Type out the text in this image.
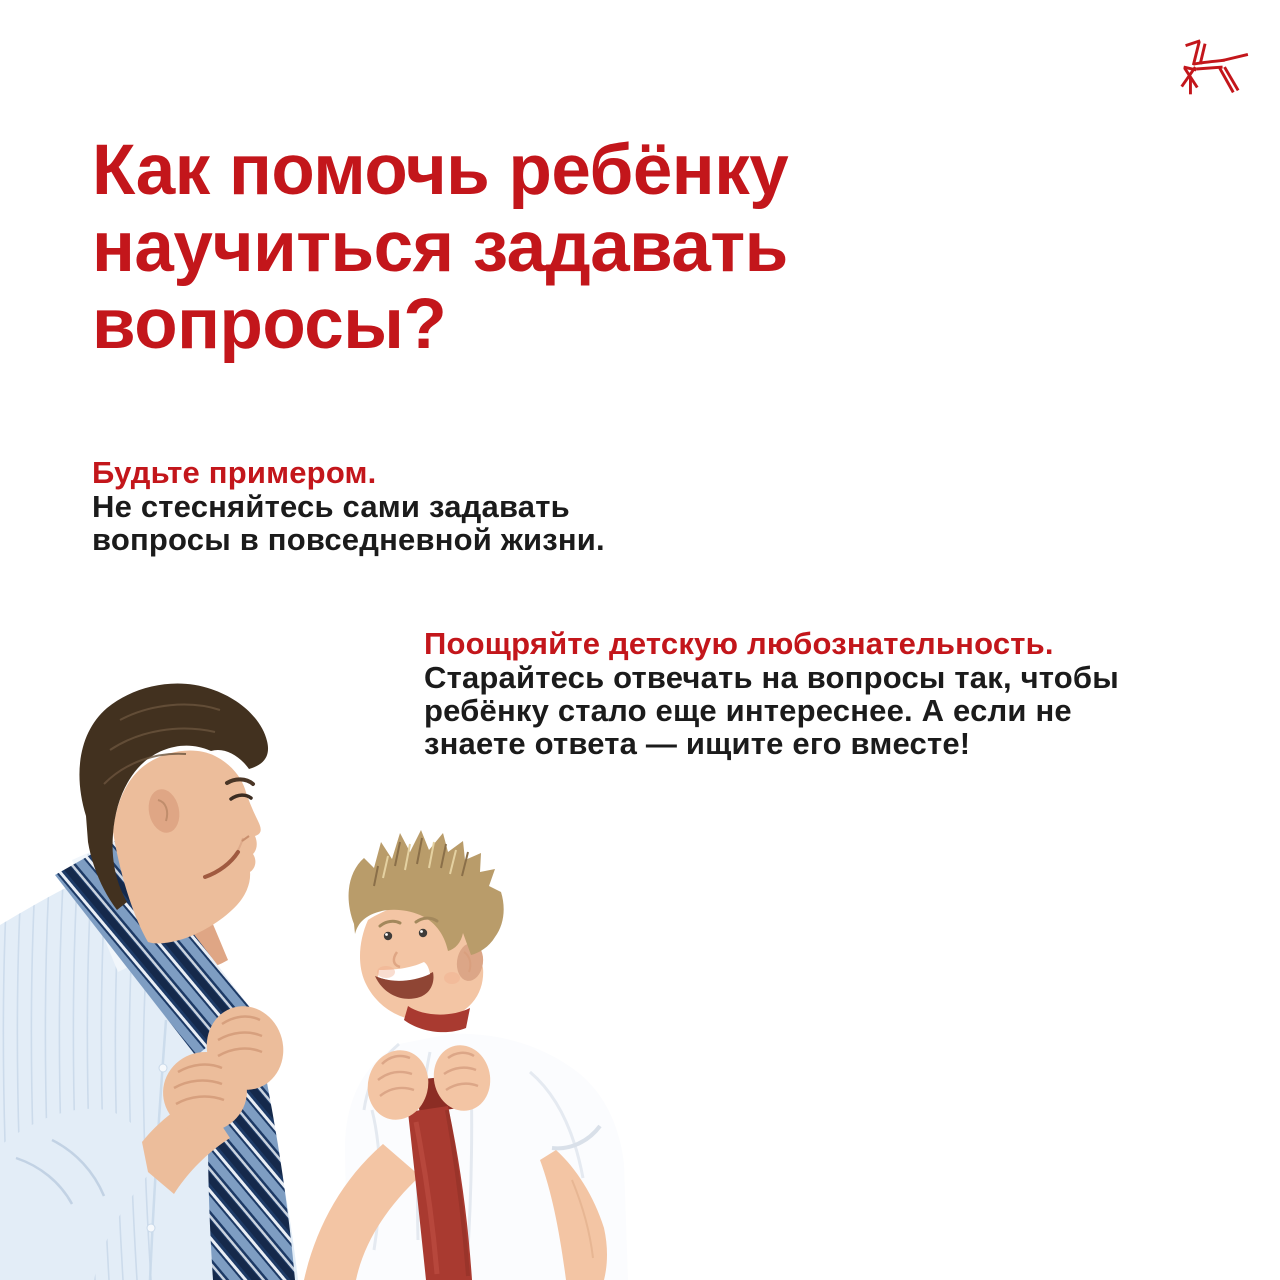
Как помочь ребёнку
научиться задавать
вопросы?
Будьте примером.
Не стесняйтесь сами задавать
вопросы в повседневной жизни.
Поощряйте детскую любознательность.
Старайтесь отвечать на вопросы так, чтобы
ребёнку стало еще интереснее. А если не
знаете ответа — ищите его вместе!
